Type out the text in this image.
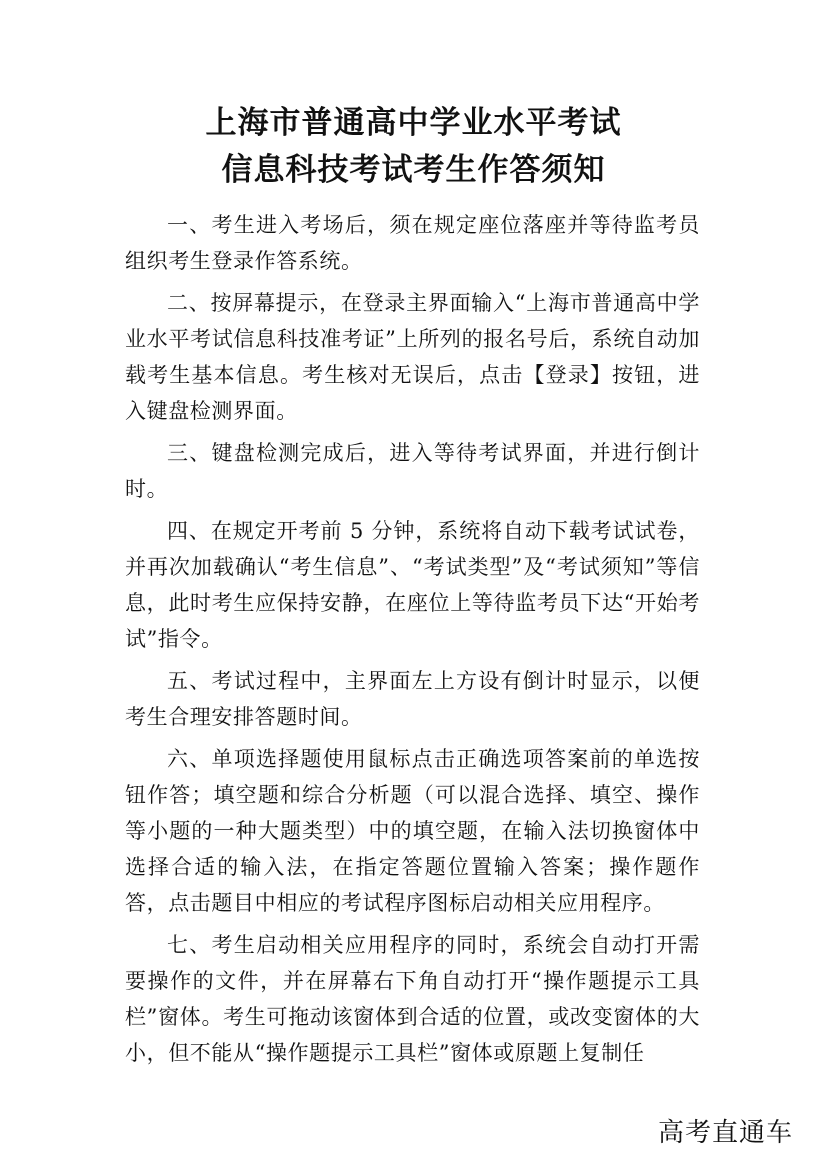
上海市普通高中学业水平考试
信息科技考试考生作答须知

一、考生进入考场后，须在规定座位落座并等待监考员组织考生登录作答系统。

二、按屏幕提示，在登录主界面输入“上海市普通高中学业水平考试信息科技准考证”上所列的报名号后，系统自动加载考生基本信息。考生核对无误后，点击【登录】按钮，进入键盘检测界面。

三、键盘检测完成后，进入等待考试界面，并进行倒计时。

四、在规定开考前 5 分钟，系统将自动下载考试试卷，并再次加载确认“考生信息”、“考试类型”及“考试须知”等信息，此时考生应保持安静，在座位上等待监考员下达“开始考试”指令。

五、考试过程中，主界面左上方设有倒计时显示，以便考生合理安排答题时间。

六、单项选择题使用鼠标点击正确选项答案前的单选按钮作答；填空题和综合分析题（可以混合选择、填空、操作等小题的一种大题类型）中的填空题，在输入法切换窗体中选择合适的输入法，在指定答题位置输入答案；操作题作答，点击题目中相应的考试程序图标启动相关应用程序。

七、考生启动相关应用程序的同时，系统会自动打开需要操作的文件，并在屏幕右下角自动打开“操作题提示工具栏”窗体。考生可拖动该窗体到合适的位置，或改变窗体的大小，但不能从“操作题提示工具栏”窗体或原题上复制任

高考直通车
